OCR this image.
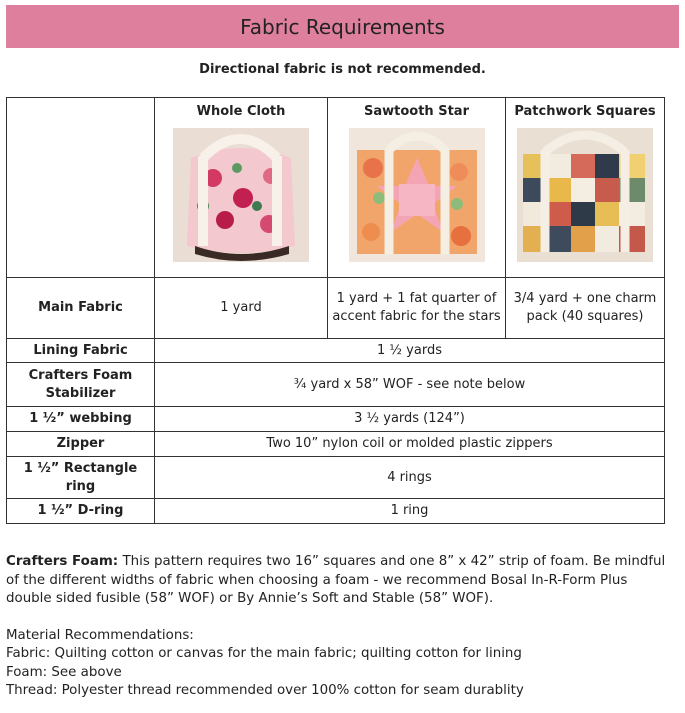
Fabric Requirements
Directional fabric is not recommended.

	Whole Cloth	Sawtooth Star	Patchwork Squares

Main Fabric	1 yard	1 yard + 1 fat quarter of accent fabric for the stars	3/4 yard + one charm pack (40 squares)
Lining Fabric	1 ½ yards		
Crafters Foam Stabilizer	¾ yard x 58” WOF - see note below		
1 ½” webbing	3 ½ yards (124”)		
Zipper	Two 10” nylon coil or molded plastic zippers		
1 ½” Rectangle ring	4 rings		
1 ½” D-ring	1 ring		

Crafters Foam: This pattern requires two 16” squares and one 8” x 42” strip of foam. Be mindful of the different widths of fabric when choosing a foam - we recommend Bosal In-R-Form Plus double sided fusible (58” WOF) or By Annie’s Soft and Stable (58” WOF).

Material Recommendations:

Fabric: Quilting cotton or canvas for the main fabric; quilting cotton for lining

Foam: See above

Thread: Polyester thread recommended over 100% cotton for seam durablity
